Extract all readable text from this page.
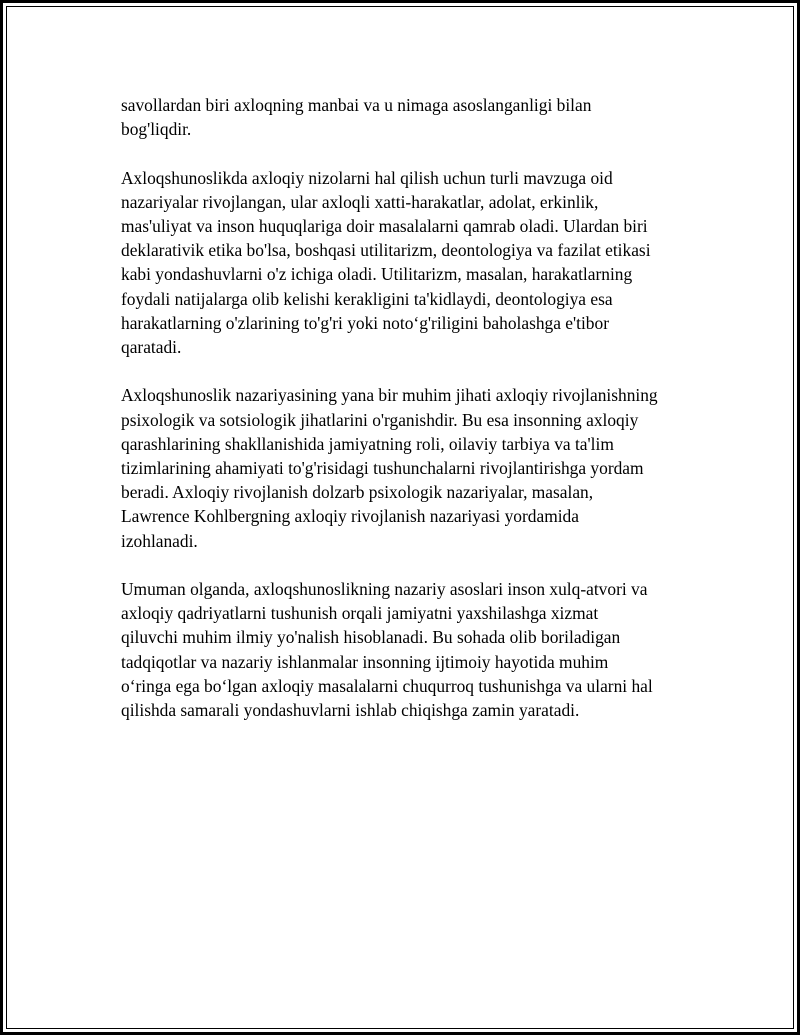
savollardan biri axloqning manbai va u nimaga asoslanganligi bilan
bog'liqdir.

Axloqshunoslikda axloqiy nizolarni hal qilish uchun turli mavzuga oid
nazariyalar rivojlangan, ular axloqli xatti-harakatlar, adolat, erkinlik,
mas'uliyat va inson huquqlariga doir masalalarni qamrab oladi. Ulardan biri
deklarativik etika bo'lsa, boshqasi utilitarizm, deontologiya va fazilat etikasi
kabi yondashuvlarni o'z ichiga oladi. Utilitarizm, masalan, harakatlarning
foydali natijalarga olib kelishi kerakligini ta'kidlaydi, deontologiya esa
harakatlarning o'zlarining to'g'ri yoki noto‘g'riligini baholashga e'tibor
qaratadi.

Axloqshunoslik nazariyasining yana bir muhim jihati axloqiy rivojlanishning
psixologik va sotsiologik jihatlarini o'rganishdir. Bu esa insonning axloqiy
qarashlarining shakllanishida jamiyatning roli, oilaviy tarbiya va ta'lim
tizimlarining ahamiyati to'g'risidagi tushunchalarni rivojlantirishga yordam
beradi. Axloqiy rivojlanish dolzarb psixologik nazariyalar, masalan,
Lawrence Kohlbergning axloqiy rivojlanish nazariyasi yordamida
izohlanadi.

Umuman olganda, axloqshunoslikning nazariy asoslari inson xulq-atvori va
axloqiy qadriyatlarni tushunish orqali jamiyatni yaxshilashga xizmat
qiluvchi muhim ilmiy yo'nalish hisoblanadi. Bu sohada olib boriladigan
tadqiqotlar va nazariy ishlanmalar insonning ijtimoiy hayotida muhim
o‘ringa ega bo‘lgan axloqiy masalalarni chuqurroq tushunishga va ularni hal
qilishda samarali yondashuvlarni ishlab chiqishga zamin yaratadi.
